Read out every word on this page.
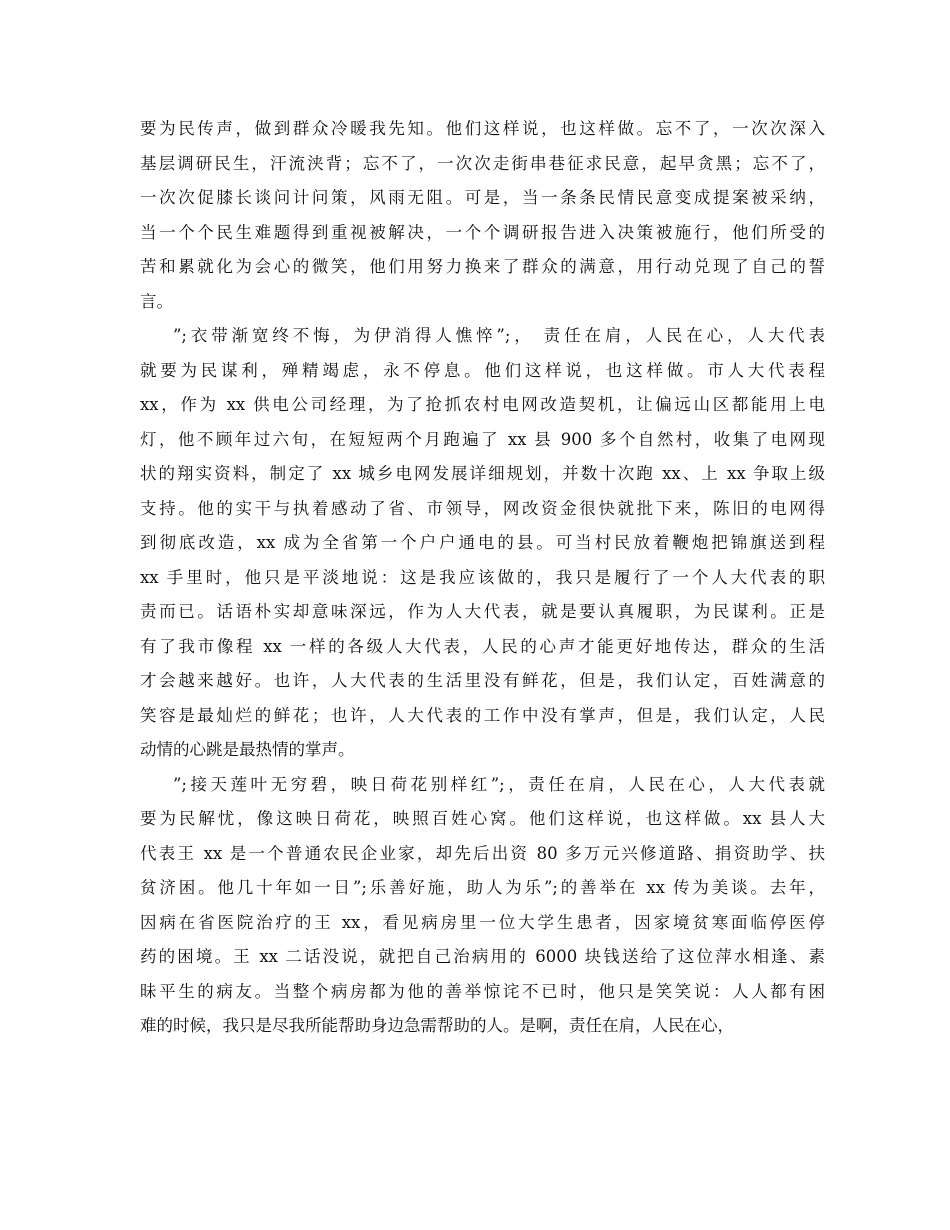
要为民传声，做到群众冷暖我先知。他们这样说，也这样做。忘不了，一次次深入
基层调研民生，汗流浃背；忘不了，一次次走街串巷征求民意，起早贪黑；忘不了，
一次次促膝长谈问计问策，风雨无阻。可是，当一条条民情民意变成提案被采纳，
当一个个民生难题得到重视被解决，一个个调研报告进入决策被施行，他们所受的
苦和累就化为会心的微笑，他们用努力换来了群众的满意，用行动兑现了自己的誓
言。
”;衣带渐宽终不悔，为伊消得人憔悴”;， 责任在肩，人民在心，人大代表
就要为民谋利，殚精竭虑，永不停息。他们这样说，也这样做。市人大代表程
xx，作为 xx 供电公司经理，为了抢抓农村电网改造契机，让偏远山区都能用上电
灯，他不顾年过六旬，在短短两个月跑遍了 xx 县 900 多个自然村，收集了电网现
状的翔实资料，制定了 xx 城乡电网发展详细规划，并数十次跑 xx、上 xx 争取上级
支持。他的实干与执着感动了省、市领导，网改资金很快就批下来，陈旧的电网得
到彻底改造，xx 成为全省第一个户户通电的县。可当村民放着鞭炮把锦旗送到程
xx 手里时，他只是平淡地说：这是我应该做的，我只是履行了一个人大代表的职
责而已。话语朴实却意味深远，作为人大代表，就是要认真履职，为民谋利。正是
有了我市像程 xx 一样的各级人大代表，人民的心声才能更好地传达，群众的生活
才会越来越好。也许，人大代表的生活里没有鲜花，但是，我们认定，百姓满意的
笑容是最灿烂的鲜花；也许，人大代表的工作中没有掌声，但是，我们认定，人民
动情的心跳是最热情的掌声。
”;接天莲叶无穷碧，映日荷花别样红”;，责任在肩，人民在心，人大代表就
要为民解忧，像这映日荷花，映照百姓心窝。他们这样说，也这样做。xx 县人大
代表王 xx 是一个普通农民企业家，却先后出资 80 多万元兴修道路、捐资助学、扶
贫济困。他几十年如一日”;乐善好施，助人为乐”;的善举在 xx 传为美谈。去年，
因病在省医院治疗的王 xx，看见病房里一位大学生患者，因家境贫寒面临停医停
药的困境。王 xx 二话没说，就把自己治病用的 6000 块钱送给了这位萍水相逢、素
昧平生的病友。当整个病房都为他的善举惊诧不已时，他只是笑笑说：人人都有困
难的时候，我只是尽我所能帮助身边急需帮助的人。是啊，责任在肩，人民在心，
